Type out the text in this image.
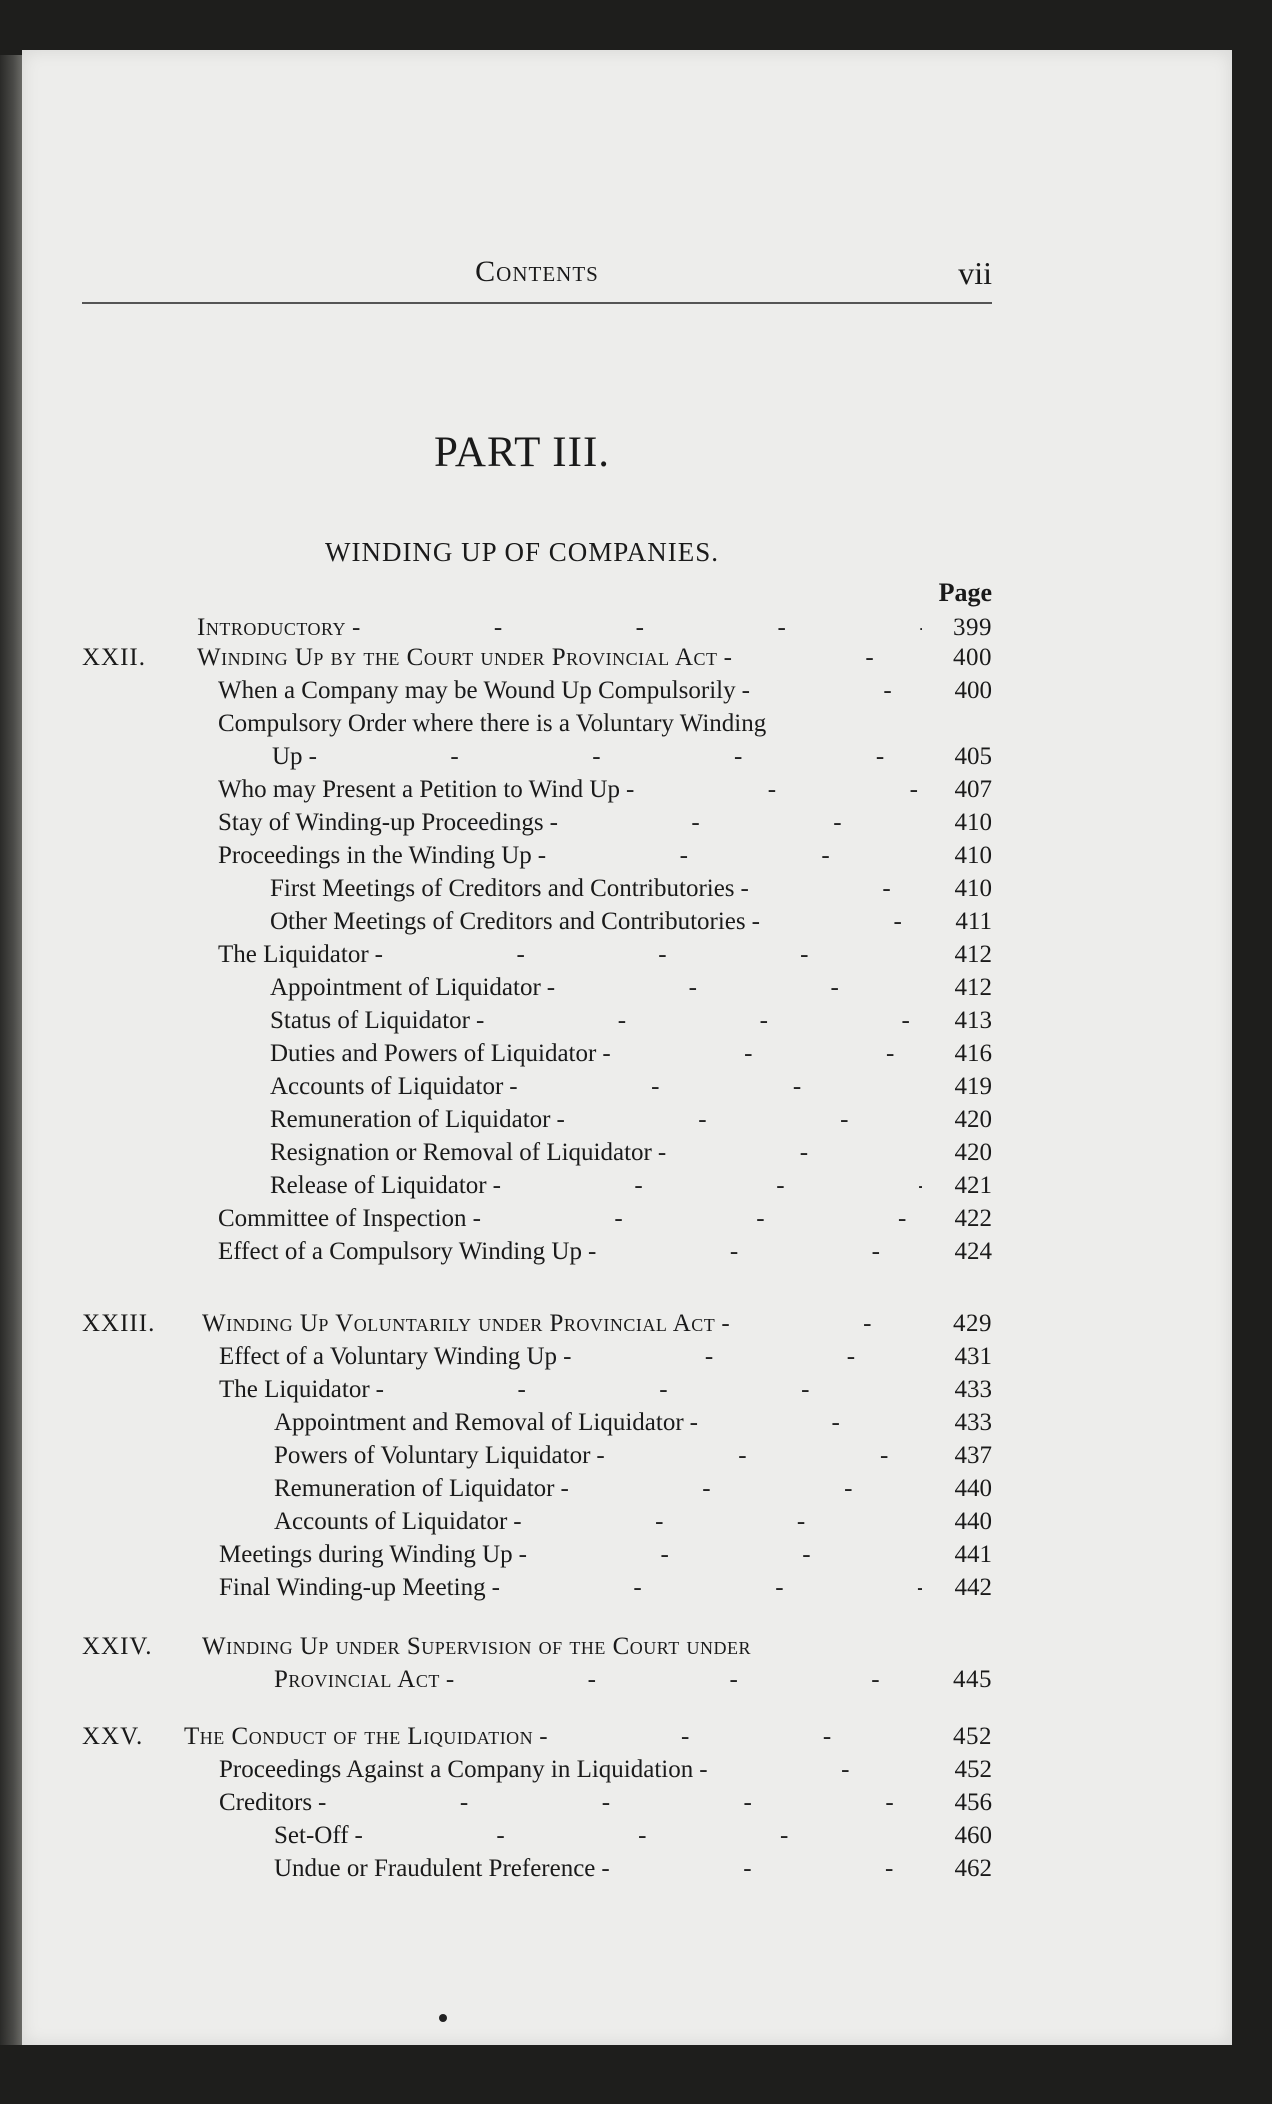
Contents	vii
PART III.
WINDING UP OF COMPANIES.
Page
Introductory -	399
XXII. Winding Up by the Court under Provincial Act -	400
When a Company may be Wound Up Compulsorily -	400
Compulsory Order where there is a Voluntary Winding
Up -	405
Who may Present a Petition to Wind Up -	407
Stay of Winding-up Proceedings -	410
Proceedings in the Winding Up -	410
First Meetings of Creditors and Contributories -	410
Other Meetings of Creditors and Contributories -	411
The Liquidator -	412
Appointment of Liquidator -	412
Status of Liquidator -	413
Duties and Powers of Liquidator -	416
Accounts of Liquidator -	419
Remuneration of Liquidator -	420
Resignation or Removal of Liquidator -	420
Release of Liquidator -	421
Committee of Inspection -	422
Effect of a Compulsory Winding Up -	424
XXIII. Winding Up Voluntarily under Provincial Act -	429
Effect of a Voluntary Winding Up -	431
The Liquidator -	433
Appointment and Removal of Liquidator -	433
Powers of Voluntary Liquidator -	437
Remuneration of Liquidator -	440
Accounts of Liquidator -	440
Meetings during Winding Up -	441
Final Winding-up Meeting -	442
XXIV. Winding Up under Supervision of the Court under
Provincial Act -	445
XXV. The Conduct of the Liquidation -	452
Proceedings Against a Company in Liquidation -	452
Creditors -	456
Set-Off -	460
Undue or Fraudulent Preference -	462
